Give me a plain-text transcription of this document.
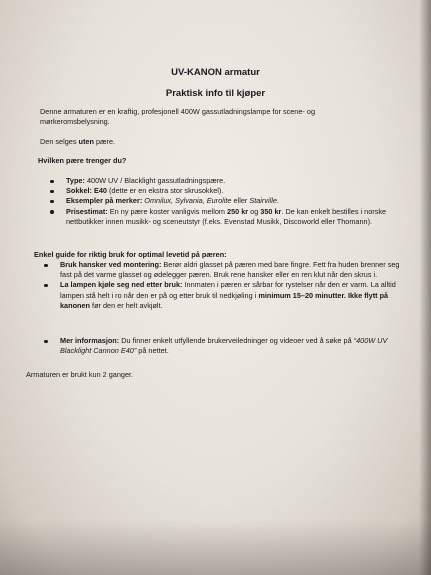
UV-KANON armatur
Praktisk info til kjøper
Denne armaturen er en kraftig, profesjonell 400W gassutladningslampe for scene- og mørkeromsbelysning.
Den selges uten pære.
Hvilken pære trenger du?
Type: 400W UV / Blacklight gassutladningspære.
Sokkel: E40 (dette er en ekstra stor skrusokkel).
Eksempler på merker: Omnilux, Sylvania, Eurolite eller Stairville.
Prisestimat: En ny pære koster vanligvis mellom 250 kr og 350 kr. De kan enkelt bestilles i norske nettbutikker innen musikk- og sceneutstyr (f.eks. Evenstad Musikk, Discoworld eller Thomann).
Enkel guide for riktig bruk for optimal levetid på pæren:
Bruk hansker ved montering: Berør aldri glasset på pæren med bare fingre. Fett fra huden brenner seg fast på det varme glasset og ødelegger pæren. Bruk rene hansker eller en ren klut når den skrus i.
La lampen kjøle seg ned etter bruk: Innmaten i pæren er sårbar for rystelser når den er varm. La alltid lampen stå helt i ro når den er på og etter bruk til nedkjøling i minimum 15–20 minutter. Ikke flytt på kanonen før den er helt avkjølt.
Mer informasjon: Du finner enkelt utfyllende brukerveiledninger og videoer ved å søke på “400W UV Blacklight Cannon E40” på nettet.
Armaturen er brukt kun 2 ganger.
